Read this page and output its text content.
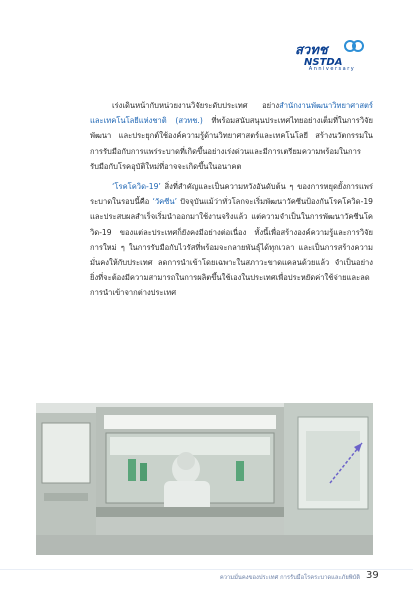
สวทช
NSTDA
Anniversary

เร่งเดินหน้ากับหน่วยงานวิจัยระดับประเทศ อย่างสำนักงานพัฒนาวิทยาศาสตร์และเทคโนโลยีแห่งชาติ (สวทช.) ที่พร้อมสนับสนุนประเทศไทยอย่างเต็มที่ในการวิจัย พัฒนา และประยุกต์ใช้องค์ความรู้ด้านวิทยาศาสตร์และเทคโนโลยี สร้างนวัตกรรมในการรับมือกับการแพร่ระบาดที่เกิดขึ้นอย่างเร่งด่วนและมีการเตรียมความพร้อมในการรับมือกับโรคอุบัติใหม่ที่อาจจะเกิดขึ้นในอนาคต

‘โรคโควิด-19’ สิ่งที่สำคัญและเป็นความหวังอันดับต้น ๆ ของการหยุดยั้งการแพร่ระบาดในรอบนี้คือ ‘วัคซีน’ ปัจจุบันแม้ว่าทั่วโลกจะเริ่มพัฒนาวัคซีนป้องกันโรคโควิด-19 และประสบผลสำเร็จเริ่มนำออกมาใช้งานจริงแล้ว แต่ความจำเป็นในการพัฒนาวัคซีนโควิด-19 ของแต่ละประเทศก็ยังคงมีอย่างต่อเนื่อง ทั้งนี้เพื่อสร้างองค์ความรู้และการวิจัยการใหม่ ๆ ในการรับมือกับไวรัสที่พร้อมจะกลายพันธุ์ได้ทุกเวลา และเป็นการสร้างความมั่นคงให้กับประเทศ ลดการนำเข้าโดยเฉพาะในสภาวะขาดแคลนด้วยแล้ว จำเป็นอย่างยิ่งที่จะต้องมีความสามารถในการผลิตขึ้นใช้เองในประเทศเพื่อประหยัดค่าใช้จ่ายและลดการนำเข้าจากต่างประเทศ

ความมั่นคงของประเทศ การรับมือโรคระบาดและภัยพิบัติ 39
